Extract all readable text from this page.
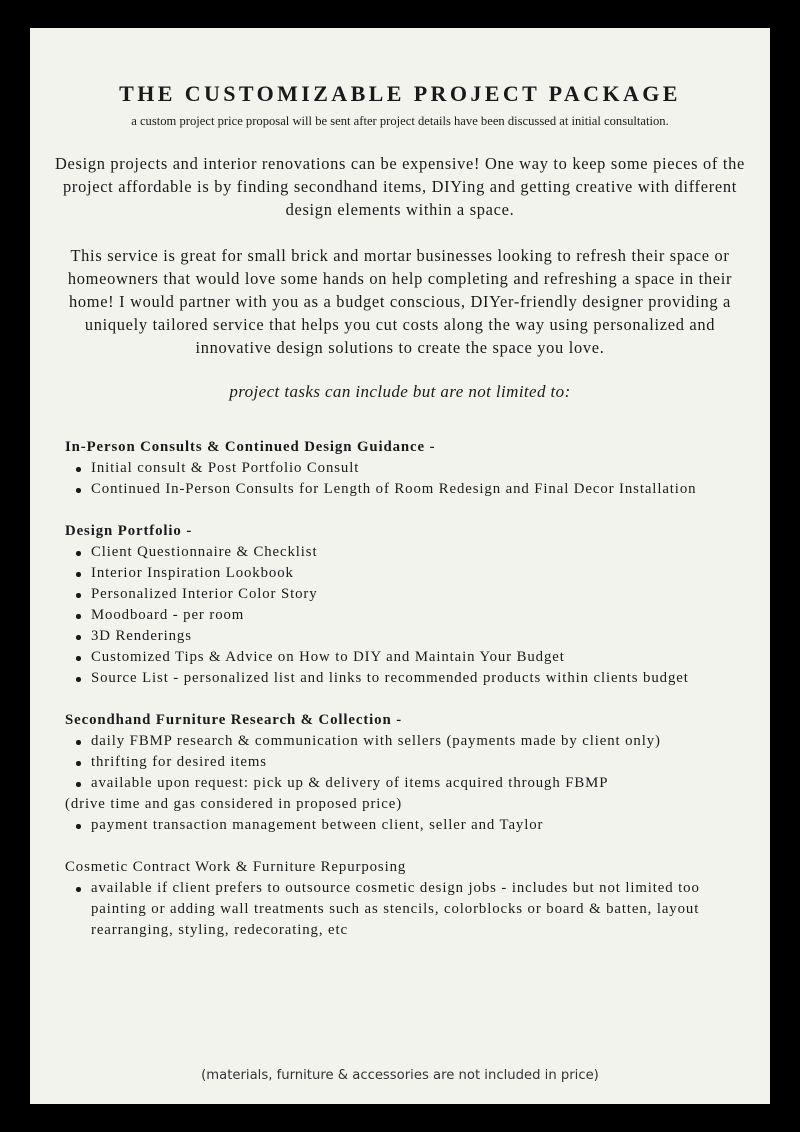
THE CUSTOMIZABLE PROJECT PACKAGE
a custom project price proposal will be sent after project details have been discussed at initial consultation.

Design projects and interior renovations can be expensive! One way to keep some pieces of the project affordable is by finding secondhand items, DIYing and getting creative with different design elements within a space.

This service is great for small brick and mortar businesses looking to refresh their space or homeowners that would love some hands on help completing and refreshing a space in their home! I would partner with you as a budget conscious, DIYer-friendly designer providing a uniquely tailored service that helps you cut costs along the way using personalized and innovative design solutions to create the space you love.

project tasks can include but are not limited to:
In-Person Consults & Continued Design Guidance -
Initial consult & Post Portfolio Consult
Continued In-Person Consults for Length of Room Redesign and Final Decor Installation
Design Portfolio -
Client Questionnaire & Checklist
Interior Inspiration Lookbook
Personalized Interior Color Story
Moodboard - per room
3D Renderings
Customized Tips & Advice on How to DIY and Maintain Your Budget
Source List - personalized list and links to recommended products within clients budget
Secondhand Furniture Research & Collection -
daily FBMP research & communication with sellers (payments made by client only)
thrifting for desired items
available upon request: pick up & delivery of items acquired through FBMP
(drive time and gas considered in proposed price)
payment transaction management between client, seller and Taylor
Cosmetic Contract Work & Furniture Repurposing
available if client prefers to outsource cosmetic design jobs - includes but not limited too painting or adding wall treatments such as stencils, colorblocks or board & batten, layout rearranging, styling, redecorating, etc
(materials, furniture & accessories are not included in price)
